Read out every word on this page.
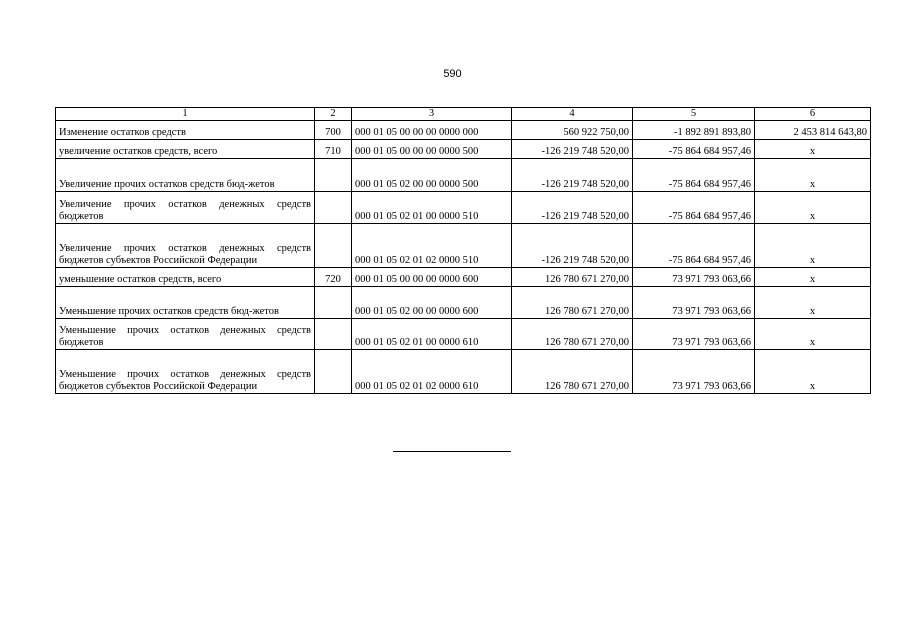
590
1	2	3	4	5	6
Изменение остатков средств	700	000 01 05 00 00 00 0000 000	560 922 750,00	-1 892 891 893,80	2 453 814 643,80
увеличение остатков средств, всего	710	000 01 05 00 00 00 0000 500	-126 219 748 520,00	-75 864 684 957,46	x
Увеличение прочих остатков средств бюд-жетов		000 01 05 02 00 00 0000 500	-126 219 748 520,00	-75 864 684 957,46	x
Увеличение прочих остатков денежных средств бюджетов		000 01 05 02 01 00 0000 510	-126 219 748 520,00	-75 864 684 957,46	x
Увеличение прочих остатков денежных средств бюджетов субъектов Российской Федерации		000 01 05 02 01 02 0000 510	-126 219 748 520,00	-75 864 684 957,46	x
уменьшение остатков средств, всего	720	000 01 05 00 00 00 0000 600	126 780 671 270,00	73 971 793 063,66	x
Уменьшение прочих остатков средств бюд-жетов		000 01 05 02 00 00 0000 600	126 780 671 270,00	73 971 793 063,66	x
Уменьшение прочих остатков денежных средств бюджетов		000 01 05 02 01 00 0000 610	126 780 671 270,00	73 971 793 063,66	x
Уменьшение прочих остатков денежных средств бюджетов субъектов Российской Федерации		000 01 05 02 01 02 0000 610	126 780 671 270,00	73 971 793 063,66	x
